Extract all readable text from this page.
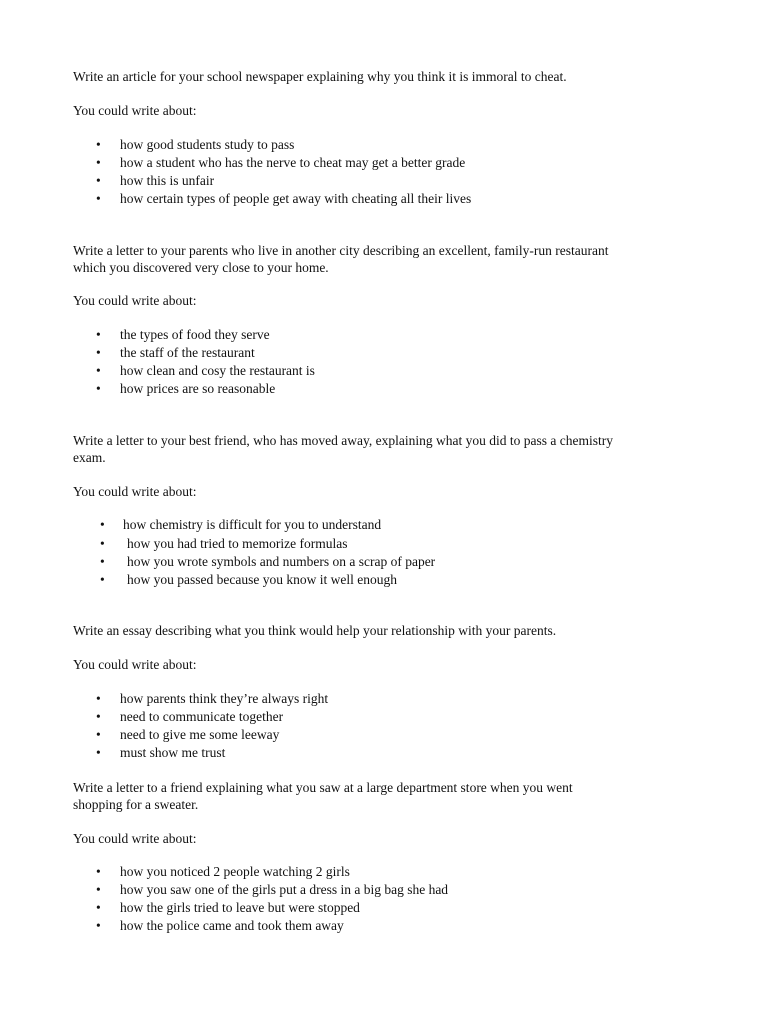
Write an article for your school newspaper explaining why you think it is immoral to cheat.
You could write about:
•	how good students study to pass
•	how a student who has the nerve to cheat may get a better grade
•	how this is unfair
•	how certain types of people get away with cheating all their lives
Write a letter to your parents who live in another city describing an excellent, family-run restaurant
which you discovered very close to your home.
You could write about:
•	the types of food they serve
•	the staff of the restaurant
•	how clean and cosy the restaurant is
•	how prices are so reasonable
Write a letter to your best friend, who has moved away, explaining what you did to pass a chemistry
exam.
You could write about:
•	how chemistry is difficult for you to understand
•	how you had tried to memorize formulas
•	how you wrote symbols and numbers on a scrap of paper
•	how you passed because you know it well enough
Write an essay describing what you think would help your relationship with your parents.
You could write about:
•	how parents think they’re always right
•	need to communicate together
•	need to give me some leeway
•	must show me trust
Write a letter to a friend explaining what you saw at a large department store when you went
shopping for a sweater.
You could write about:
•	how you noticed 2 people watching 2 girls
•	how you saw one of the girls put a dress in a big bag she had
•	how the girls tried to leave but were stopped
•	how the police came and took them away
